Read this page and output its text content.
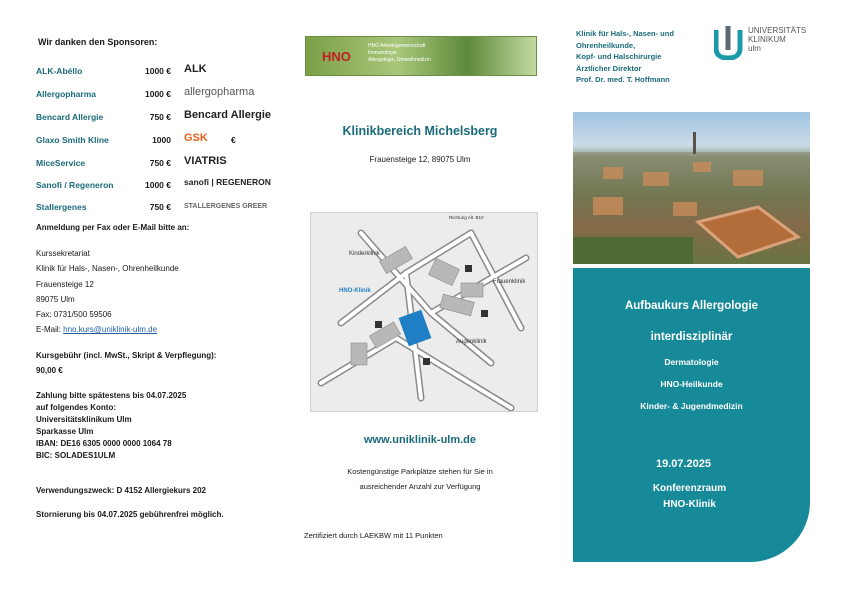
Wir danken den Sponsoren:
ALK-Abéllo	1000 € ALK
Allergopharma	1000 € allergopharma
Bencard Allergie	750 € Bencard Allergie
Glaxo Smith Kline	1000 GSK	€
MiceService	750 € VIATRIS
Sanofi / Regeneron	1000 € sanofi | REGENERON
Stallergenes	750 € STALLERGENES GREER
Anmeldung per Fax oder E-Mail bitte an:
Kurssekretariat
Klinik für Hals-, Nasen-, Ohrenheilkunde
Frauensteige 12
89075 Ulm
Fax: 0731/500 59506
E-Mail: hno.kurs@uniklinik-ulm.de
Kursgebühr (incl. MwSt., Skript & Verpflegung):
90,00 €
Zahlung bitte spätestens bis 04.07.2025
auf folgendes Konto:
Universitätsklinikum Ulm
Sparkasse Ulm
IBAN: DE16 6305 0000 0000 1064 78
BIC: SOLADES1ULM
Verwendungszweck: D 4152 Allergiekurs 202
Stornierung bis 04.07.2025 gebührenfrei möglich.
HNO
HNO Arbeitsgemeinschaft
Immunologie
Allergologie, Umweltmedizin
Klinikbereich Michelsberg
Frauensteige 12, 89075 Ulm
Kinderklinik
Frauenklinik
HNO-Klinik
Augenklinik
Richtung Alt. B10
www.uniklinik-ulm.de
Kostengünstige Parkplätze stehen für Sie in
ausreichender Anzahl zur Verfügung
Zertifiziert durch LAEKBW mit 11 Punkten
Klinik für Hals-, Nasen- und
Ohrenheilkunde,
Kopf- und Halschirurgie
Ärztlicher Direktor
Prof. Dr. med. T. Hoffmann
UNIVERSITÄTS
KLINIKUM
ulm
Aufbaukurs Allergologie
interdisziplinär
Dermatologie
HNO-Heilkunde
Kinder- & Jugendmedizin
19.07.2025
Konferenzraum
HNO-Klinik
